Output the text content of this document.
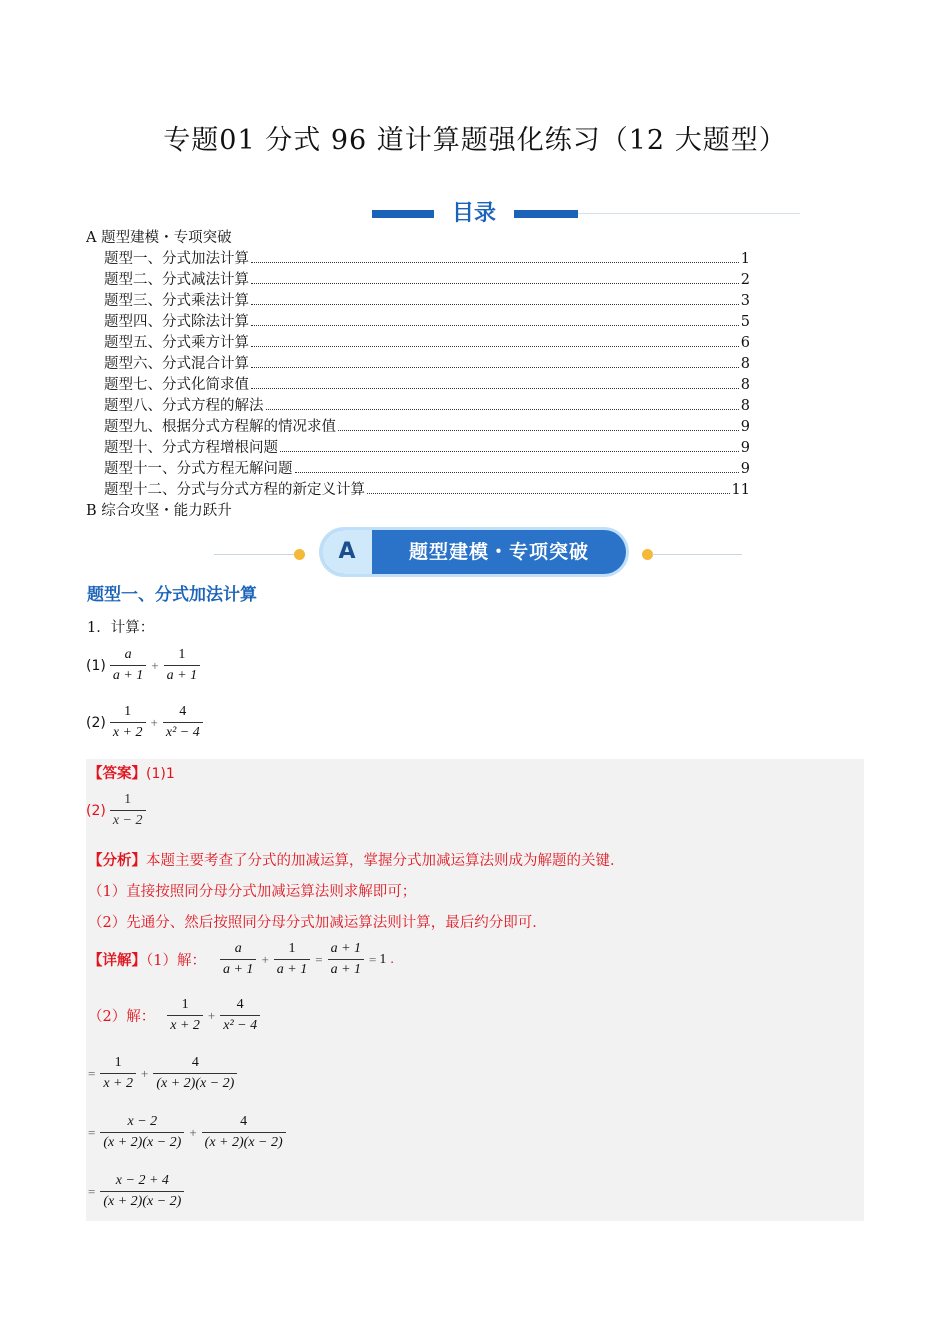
专题01 分式 96 道计算题强化练习（12 大题型）
目录
A 题型建模・专项突破
题型一、分式加法计算	1
题型二、分式减法计算	2
题型三、分式乘法计算	3
题型四、分式除法计算	5
题型五、分式乘方计算	6
题型六、分式混合计算	8
题型七、分式化简求值	8
题型八、分式方程的解法	8
题型九、根据分式方程解的情况求值	9
题型十、分式方程增根问题	9
题型十一、分式方程无解问题	9
题型十二、分式与分式方程的新定义计算	11
B 综合攻坚・能力跃升
A	题型建模・专项突破
题型一、分式加法计算
1．计算：
$(1) \frac{a}{a + 1} + \frac{1}{a + 1}$
$(2) \frac{1}{x + 2} + \frac{4}{\text{x² − 4}}$
【答案】(1)1
$(2) \frac{1}{x - 2}$
【分析】本题主要考查了分式的加减运算，掌握分式加减运算法则成为解题的关键．
（1）直接按照同分母分式加减运算法则求解即可；
（2）先通分、然后按照同分母分式加减运算法则计算，最后约分即可．
【详解】（1）解： $\frac{a}{a + 1} + \frac{1}{a + 1} = \frac{a + 1}{a + 1} = 1$ .
（2）解： $\frac{1}{x + 2} + \frac{4}{\text{x² − 4}}$
= $\frac{1}{x + 2} + \frac{4}{(x + 2)(x - 2)}$
= $\frac{x - 2}{(x + 2)(x - 2)} + \frac{4}{(x + 2)(x - 2)}$
= $\frac{x - 2 + 4}{(x + 2)(x - 2)}$
